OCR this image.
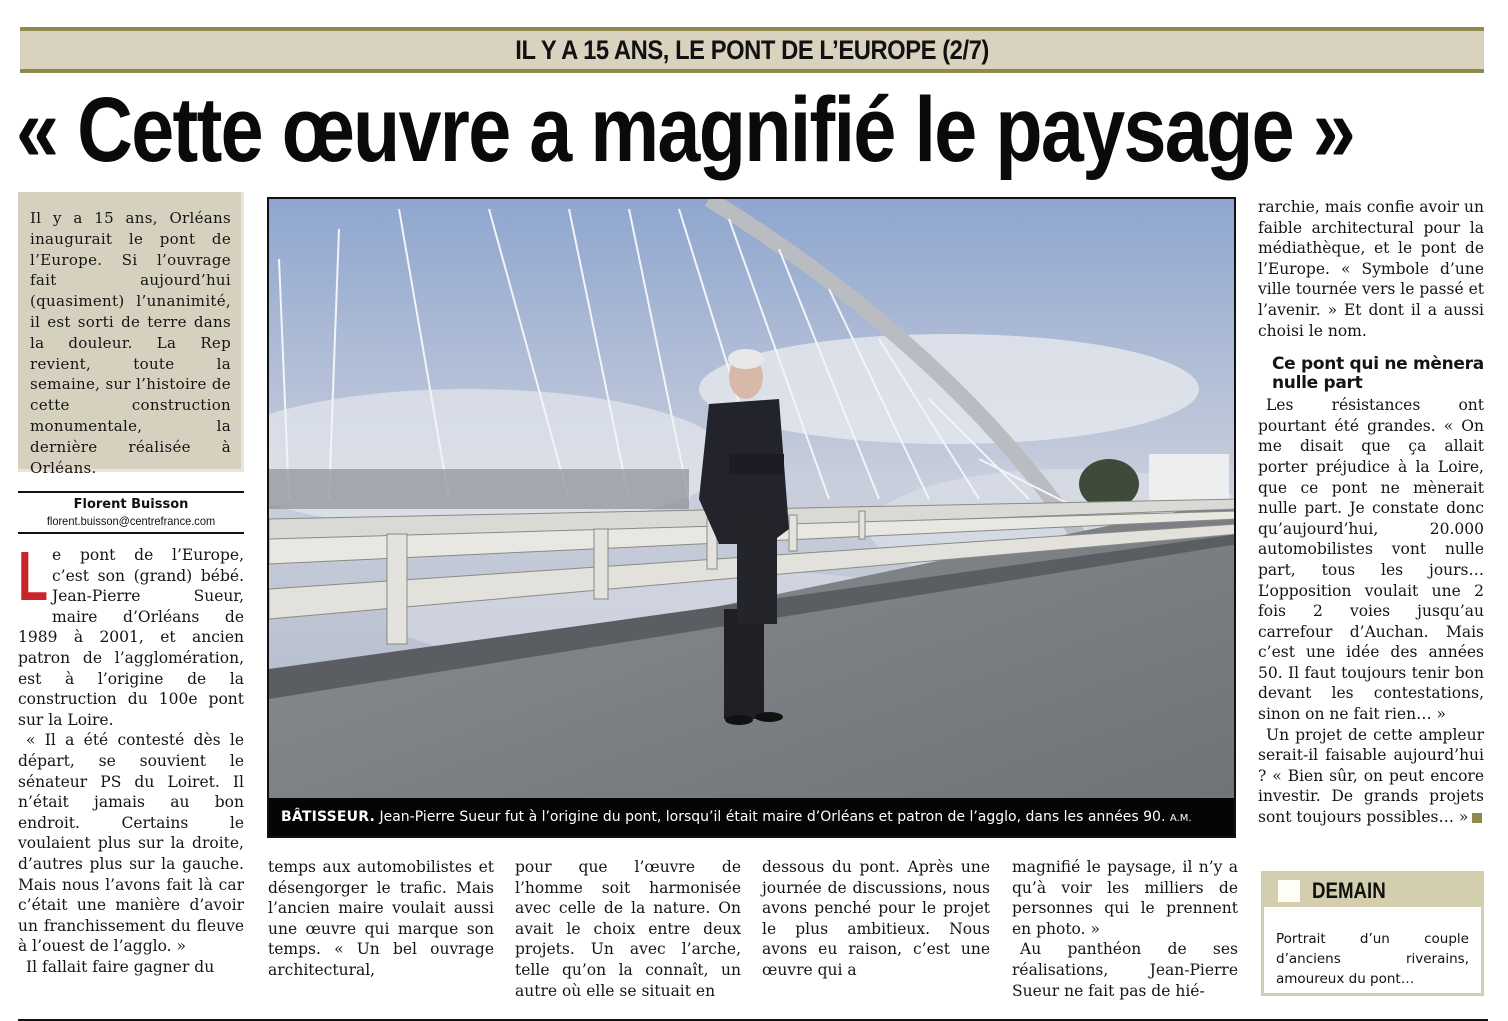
IL Y A 15 ANS, LE PONT DE L’EUROPE (2/7)
« Cette œuvre a magnifié le paysage »

Il y a 15 ans, Orléans inaugurait le pont de l’Europe. Si l’ouvrage fait aujourd’hui (quasiment) l’unanimité, il est sorti de terre dans la douleur. La Rep revient, toute la semaine, sur l’histoire de cette construction monumentale, la dernière réalisée à Orléans.

Florent Buisson
florent.buisson@centrefrance.com
L e pont de l’Europe, c’est son (grand) bébé. Jean-Pierre Sueur, maire d’Orléans de 1989 à 2001, et ancien patron de l’agglomération, est à l’origine de la construction du 100e pont sur la Loire.

« Il a été contesté dès le départ, se souvient le sénateur PS du Loiret. Il n’était jamais au bon endroit. Certains le voulaient plus sur la droite, d’autres plus sur la gauche. Mais nous l’avons fait là car c’était une manière d’avoir un franchissement du fleuve à l’ouest de l’agglo. »

Il fallait faire gagner du

BÂTISSEUR. Jean-Pierre Sueur fut à l’origine du pont, lorsqu’il était maire d’Orléans et patron de l’agglo, dans les années 90. A.M.

temps aux automobilistes et désengorger le trafic. Mais l’ancien maire voulait aussi une œuvre qui marque son temps. « Un bel ouvrage architectural,

pour que l’œuvre de l’homme soit harmonisée avec celle de la nature. On avait le choix entre deux projets. Un avec l’arche, telle qu’on la connaît, un autre où elle se situait en

dessous du pont. Après une journée de discussions, nous avons penché pour le projet le plus ambitieux. Nous avons eu raison, c’est une œuvre qui a

magnifié le paysage, il n’y a qu’à voir les milliers de personnes qui le prennent en photo. »

Au panthéon de ses réalisations, Jean-Pierre Sueur ne fait pas de hié-

rarchie, mais confie avoir un faible architectural pour la médiathèque, et le pont de l’Europe. « Symbole d’une ville tournée vers le passé et l’avenir. » Et dont il a aussi choisi le nom.

Ce pont qui ne mènera nulle part

Les résistances ont pourtant été grandes. « On me disait que ça allait porter préjudice à la Loire, que ce pont ne mènerait nulle part. Je constate donc qu’aujourd’hui, 20.000 automobilistes vont nulle part, tous les jours… L’opposition voulait une 2 fois 2 voies jusqu’au carrefour d’Auchan. Mais c’est une idée des années 50. Il faut toujours tenir bon devant les contestations, sinon on ne fait rien… »

Un projet de cette ampleur serait-il faisable aujourd’hui ? « Bien sûr, on peut encore investir. De grands projets sont toujours possibles… »

DEMAIN
Portrait d’un couple d’anciens riverains, amoureux du pont…
